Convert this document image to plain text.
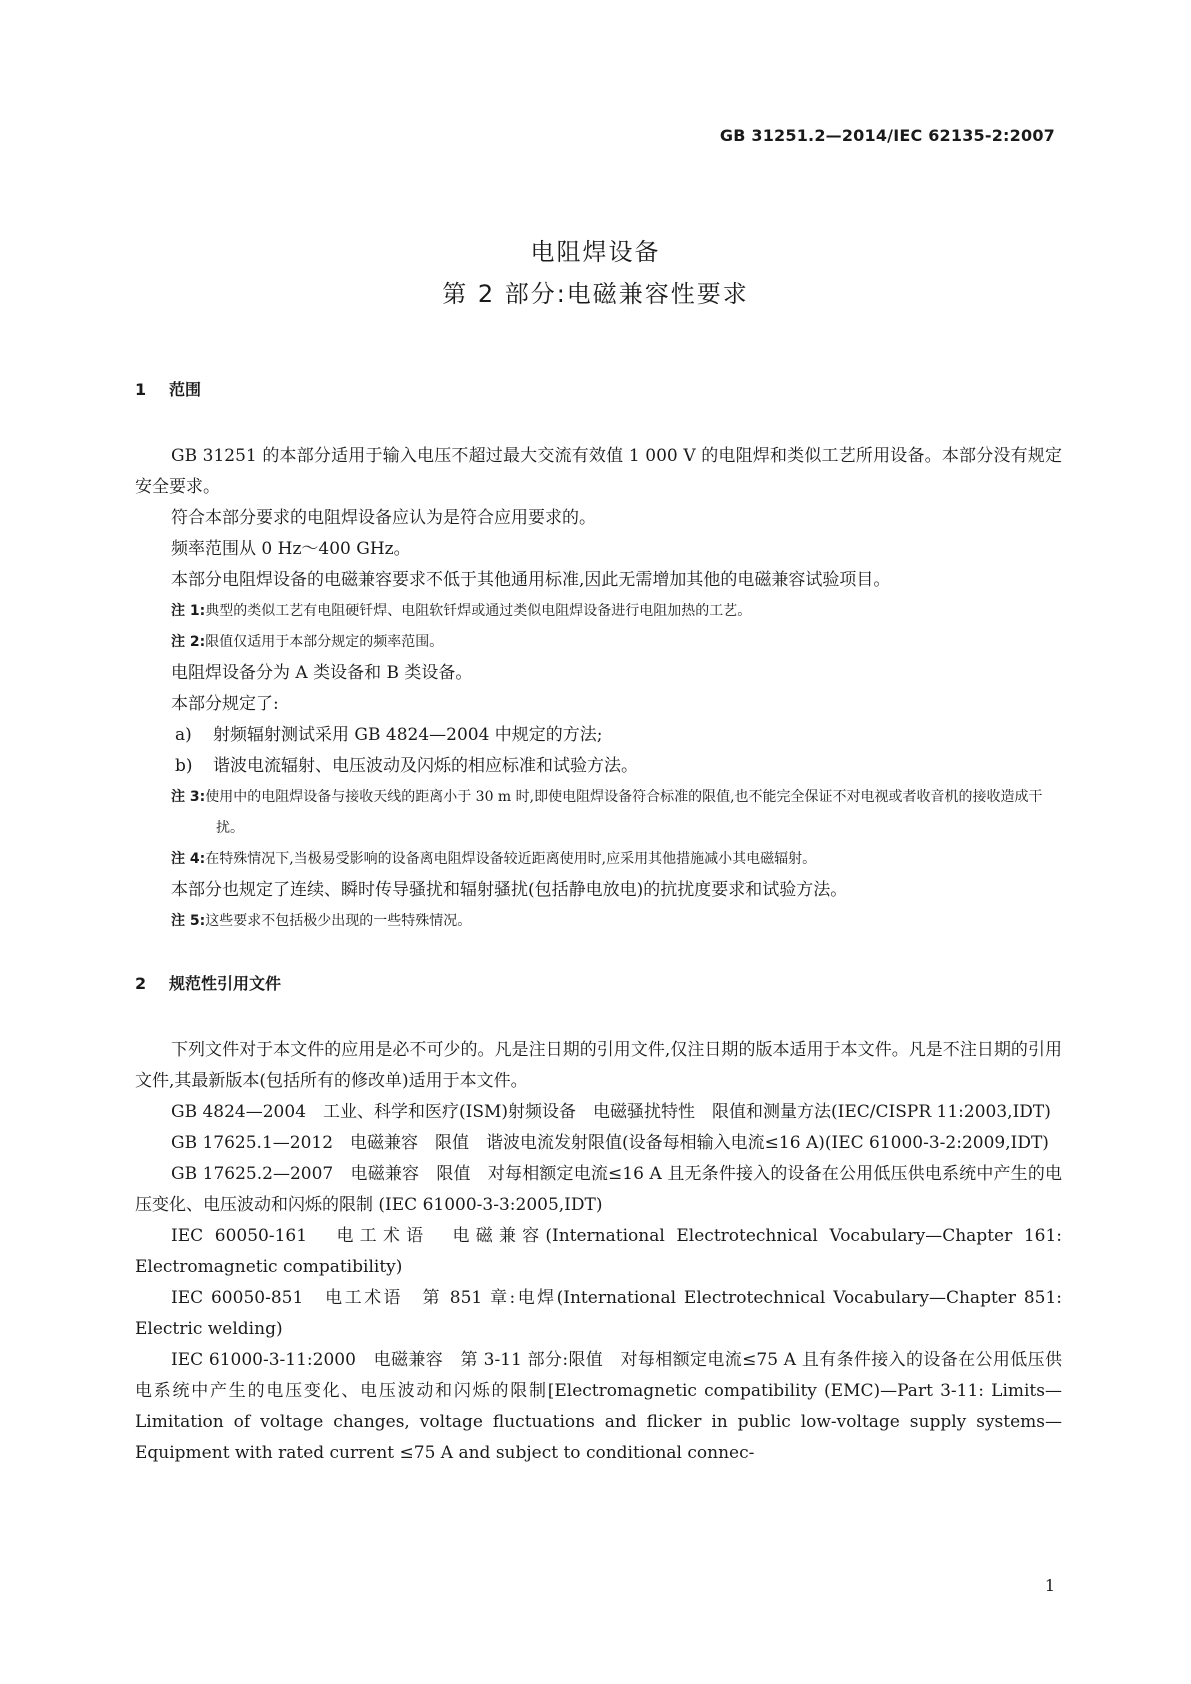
GB 31251.2—2014/IEC 62135-2:2007
电阻焊设备
第 2 部分:电磁兼容性要求
1 范围

GB 31251 的本部分适用于输入电压不超过最大交流有效值 1 000 V 的电阻焊和类似工艺所用设备。本部分没有规定安全要求。

符合本部分要求的电阻焊设备应认为是符合应用要求的。

频率范围从 0 Hz～400 GHz。

本部分电阻焊设备的电磁兼容要求不低于其他通用标准,因此无需增加其他的电磁兼容试验项目。

注 1:典型的类似工艺有电阻硬钎焊、电阻软钎焊或通过类似电阻焊设备进行电阻加热的工艺。

注 2:限值仅适用于本部分规定的频率范围。

电阻焊设备分为 A 类设备和 B 类设备。

本部分规定了:

a) 射频辐射测试采用 GB 4824—2004 中规定的方法;

b) 谐波电流辐射、电压波动及闪烁的相应标准和试验方法。

注 3:使用中的电阻焊设备与接收天线的距离小于 30 m 时,即使电阻焊设备符合标准的限值,也不能完全保证不对电视或者收音机的接收造成干扰。

注 4:在特殊情况下,当极易受影响的设备离电阻焊设备较近距离使用时,应采用其他措施减小其电磁辐射。

本部分也规定了连续、瞬时传导骚扰和辐射骚扰(包括静电放电)的抗扰度要求和试验方法。

注 5:这些要求不包括极少出现的一些特殊情况。

2 规范性引用文件

下列文件对于本文件的应用是必不可少的。凡是注日期的引用文件,仅注日期的版本适用于本文件。凡是不注日期的引用文件,其最新版本(包括所有的修改单)适用于本文件。

GB 4824—2004　工业、科学和医疗(ISM)射频设备　电磁骚扰特性　限值和测量方法(IEC/CISPR 11:2003,IDT)

GB 17625.1—2012　电磁兼容　限值　谐波电流发射限值(设备每相输入电流≤16 A)(IEC 61000-3-2:2009,IDT)

GB 17625.2—2007　电磁兼容　限值　对每相额定电流≤16 A 且无条件接入的设备在公用低压供电系统中产生的电压变化、电压波动和闪烁的限制 (IEC 61000-3-3:2005,IDT)

IEC 60050-161　电工术语　电磁兼容(International Electrotechnical Vocabulary—Chapter 161: Electromagnetic compatibility)

IEC 60050-851　电工术语　第 851 章:电焊(International Electrotechnical Vocabulary—Chapter 851: Electric welding)

IEC 61000-3-11:2000　电磁兼容　第 3-11 部分:限值　对每相额定电流≤75 A 且有条件接入的设备在公用低压供电系统中产生的电压变化、电压波动和闪烁的限制[Electromagnetic compatibility (EMC)—Part 3-11: Limits—Limitation of voltage changes, voltage fluctuations and flicker in public low-voltage supply systems—Equipment with rated current ≤75 A and subject to conditional connec-

1
